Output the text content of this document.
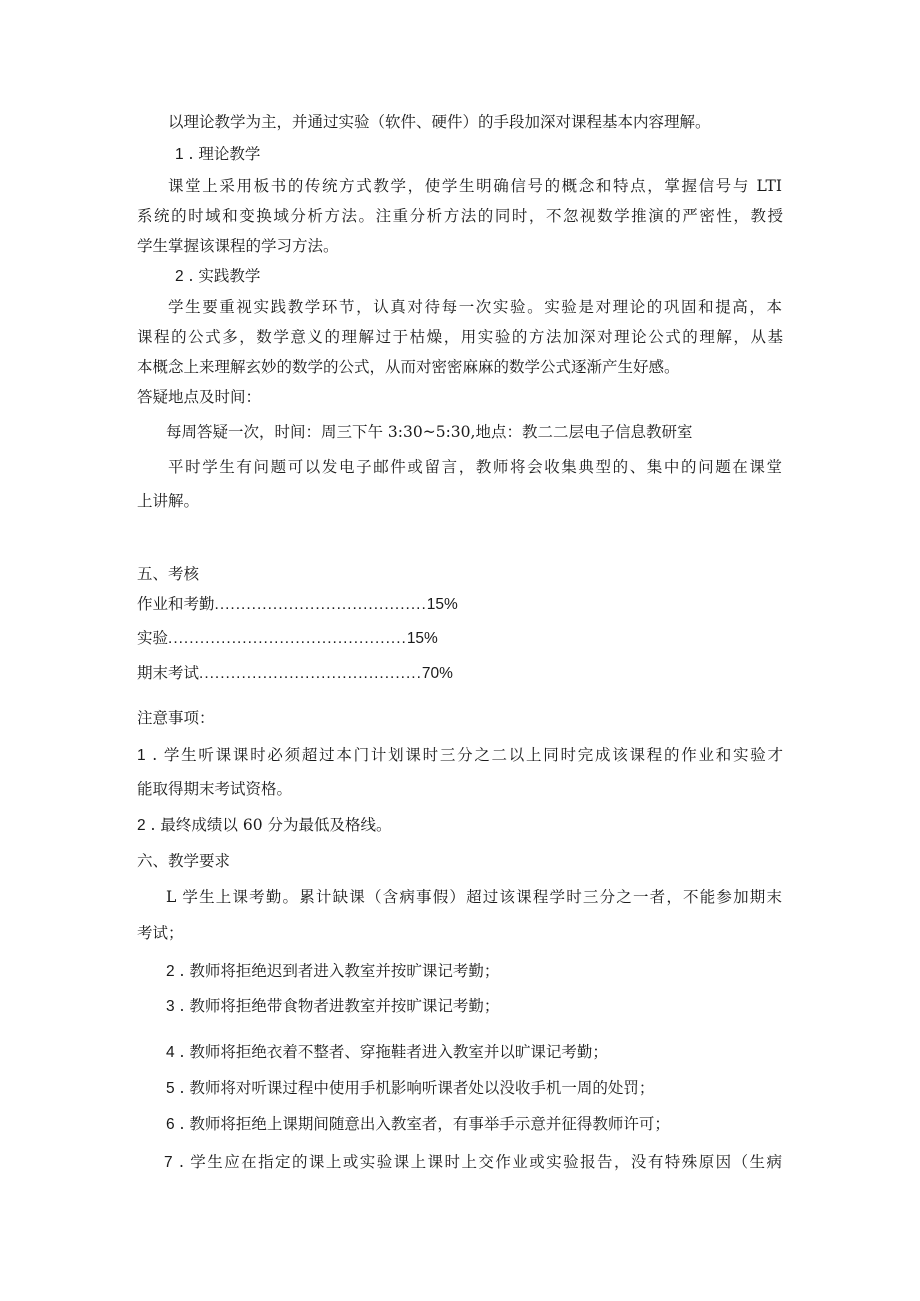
以理论教学为主，并通过实验（软件、硬件）的手段加深对课程基本内容理解。
1 . 理论教学
课堂上采用板书的传统方式教学，使学生明确信号的概念和特点，掌握信号与 LTI
系统的时域和变换域分析方法。注重分析方法的同时，不忽视数学推演的严密性，教授
学生掌握该课程的学习方法。
2 . 实践教学
学生要重视实践教学环节，认真对待每一次实验。实验是对理论的巩固和提高，本
课程的公式多，数学意义的理解过于枯燥，用实验的方法加深对理论公式的理解，从基
本概念上来理解玄妙的数学的公式，从而对密密麻麻的数学公式逐渐产生好感。
答疑地点及时间：
每周答疑一次，时间：周三下午 3:30~5:30,地点：教二二层电子信息教研室
平时学生有问题可以发电子邮件或留言，教师将会收集典型的、集中的问题在课堂
上讲解。
五、考核
作业和考勤........................................15%
实验.............................................15%
期末考试..........................................70%
注意事项：
1 . 学生听课课时必须超过本门计划课时三分之二以上同时完成该课程的作业和实验才
能取得期末考试资格。
2 . 最终成绩以 60 分为最低及格线。
六、教学要求
L 学生上课考勤。累计缺课（含病事假）超过该课程学时三分之一者，不能参加期末
考试；
2 . 教师将拒绝迟到者进入教室并按旷课记考勤；
3 . 教师将拒绝带食物者进教室并按旷课记考勤；
4 . 教师将拒绝衣着不整者、穿拖鞋者进入教室并以旷课记考勤；
5 . 教师将对听课过程中使用手机影响听课者处以没收手机一周的处罚；
6 . 教师将拒绝上课期间随意出入教室者，有事举手示意并征得教师许可；
7 . 学生应在指定的课上或实验课上课时上交作业或实验报告，没有特殊原因（生病
